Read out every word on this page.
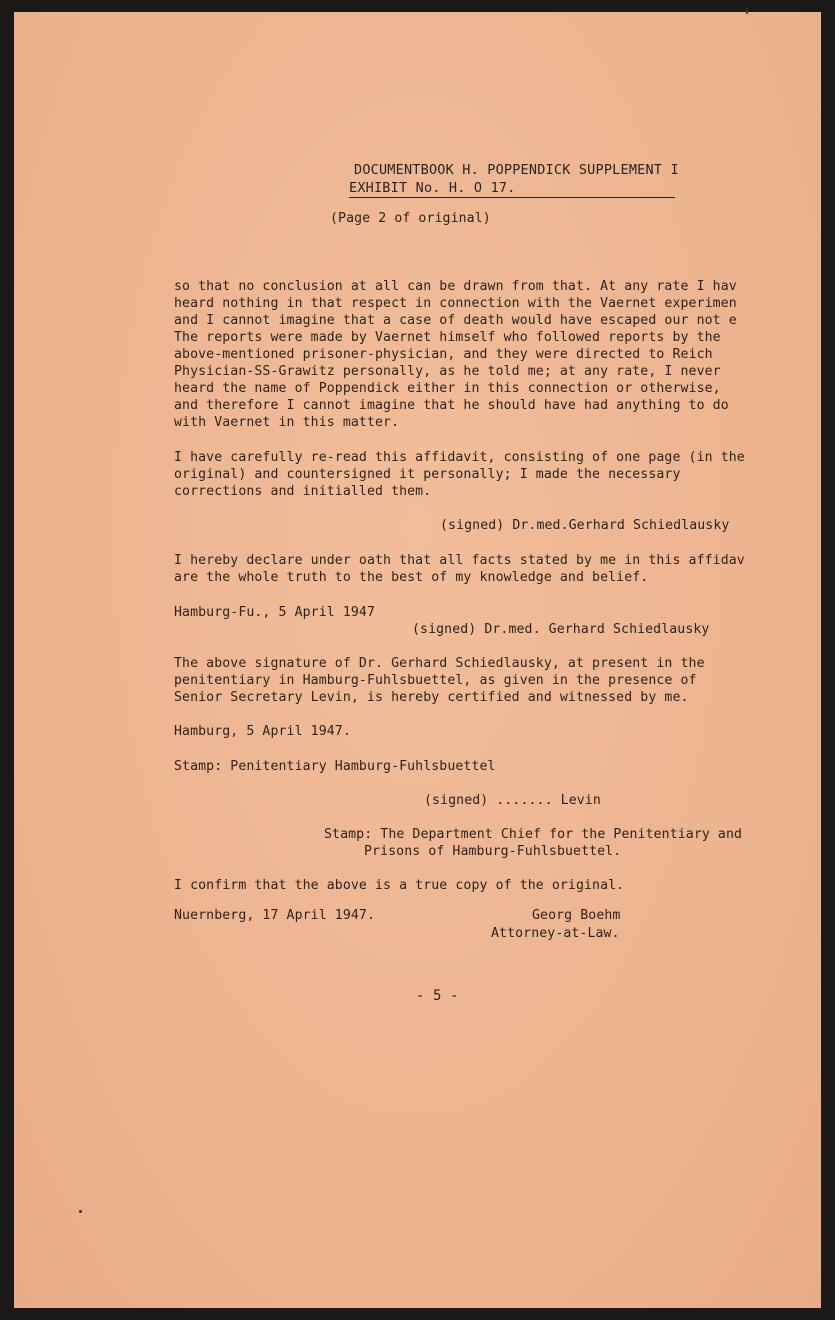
DOCUMENTBOOK H. POPPENDICK SUPPLEMENT I
EXHIBIT No. H. O 17.
(Page 2 of original)
so that no conclusion at all can be drawn from that. At any rate I hav
heard nothing in that respect in connection with the Vaernet experimen
and I cannot imagine that a case of death would have escaped our not e
The reports were made by Vaernet himself who followed reports by the
above-mentioned prisoner-physician, and they were directed to Reich
Physician-SS-Grawitz personally, as he told me; at any rate, I never
heard the name of Poppendick either in this connection or otherwise,
and therefore I cannot imagine that he should have had anything to do
with Vaernet in this matter.
I have carefully re-read this affidavit, consisting of one page (in the
original) and countersigned it personally; I made the necessary
corrections and initialled them.
(signed) Dr.med.Gerhard Schiedlausky
I hereby declare under oath that all facts stated by me in this affidav
are the whole truth to the best of my knowledge and belief.
Hamburg-Fu., 5 April 1947
(signed) Dr.med. Gerhard Schiedlausky
The above signature of Dr. Gerhard Schiedlausky, at present in the
penitentiary in Hamburg-Fuhlsbuettel, as given in the presence of
Senior Secretary Levin, is hereby certified and witnessed by me.
Hamburg, 5 April 1947.
Stamp: Penitentiary Hamburg-Fuhlsbuettel
(signed) ....... Levin
Stamp: The Department Chief for the Penitentiary and
Prisons of Hamburg-Fuhlsbuettel.
I confirm that the above is a true copy of the original.
Nuernberg, 17 April 1947.	Georg Boehm
Attorney-at-Law.
- 5 -
